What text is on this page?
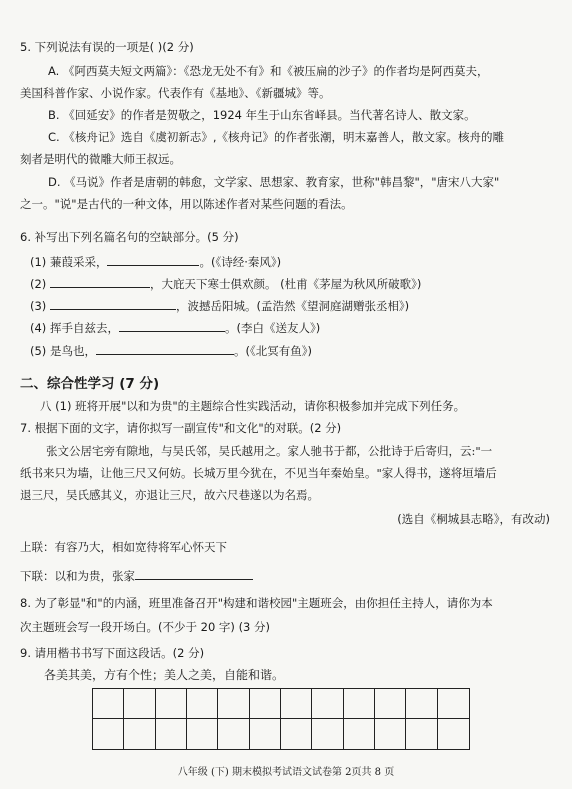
5. 下列说法有误的一项是( )(2 分)
A. 《阿西莫夫短文两篇》：《恐龙无处不有》和《被压扁的沙子》的作者均是阿西莫夫，
美国科普作家、小说作家。代表作有《基地》、《新疆城》等。
B. 《回延安》的作者是贺敬之，1924 年生于山东省峄县。当代著名诗人、散文家。
C. 《核舟记》选自《虞初新志》,《核舟记》的作者张潮，明末嘉善人，散文家。核舟的雕
刻者是明代的微雕大师王叔远。
D. 《马说》作者是唐朝的韩愈，文学家、思想家、教育家，世称"韩昌黎"，"唐宋八大家"
之一。"说"是古代的一种文体，用以陈述作者对某些问题的看法。
6. 补写出下列名篇名句的空缺部分。(5 分)
(1) 蒹葭采采，	。(《诗经·秦风》)
(2)	，大庇天下寒士俱欢颜。 (杜甫《茅屋为秋风所破歌》)
(3)	，波撼岳阳城。(孟浩然《望洞庭湖赠张丞相》)
(4) 挥手自兹去，	。(李白《送友人》)
(5) 是鸟也，	。(《北冥有鱼》)
二、综合性学习 (7 分)
八 (1) 班将开展"以和为贵"的主题综合性实践活动，请你积极参加并完成下列任务。
7. 根据下面的文字，请你拟写一副宣传"和文化"的对联。(2 分)
张文公居宅旁有隙地，与吴氏邻，吴氏越用之。家人驰书于都，公批诗于后寄归，云:"一
纸书来只为墙，让他三尺又何妨。长城万里今犹在，不见当年秦始皇。"家人得书，遂将垣墙后
退三尺，吴氏感其义，亦退让三尺，故六尺巷遂以为名焉。
(选自《桐城县志略》，有改动)
上联：有容乃大，相如宽待将军心怀天下
下联：以和为贵，张家
8. 为了彰显"和"的内涵，班里准备召开"构建和谐校园"主题班会，由你担任主持人，请你为本
次主题班会写一段开场白。(不少于 20 字) (3 分)
9. 请用楷书书写下面这段话。(2 分)
各美其美，方有个性；美人之美，自能和谐。
八年级 (下) 期末模拟考试语文试卷第 2页共 8 页
